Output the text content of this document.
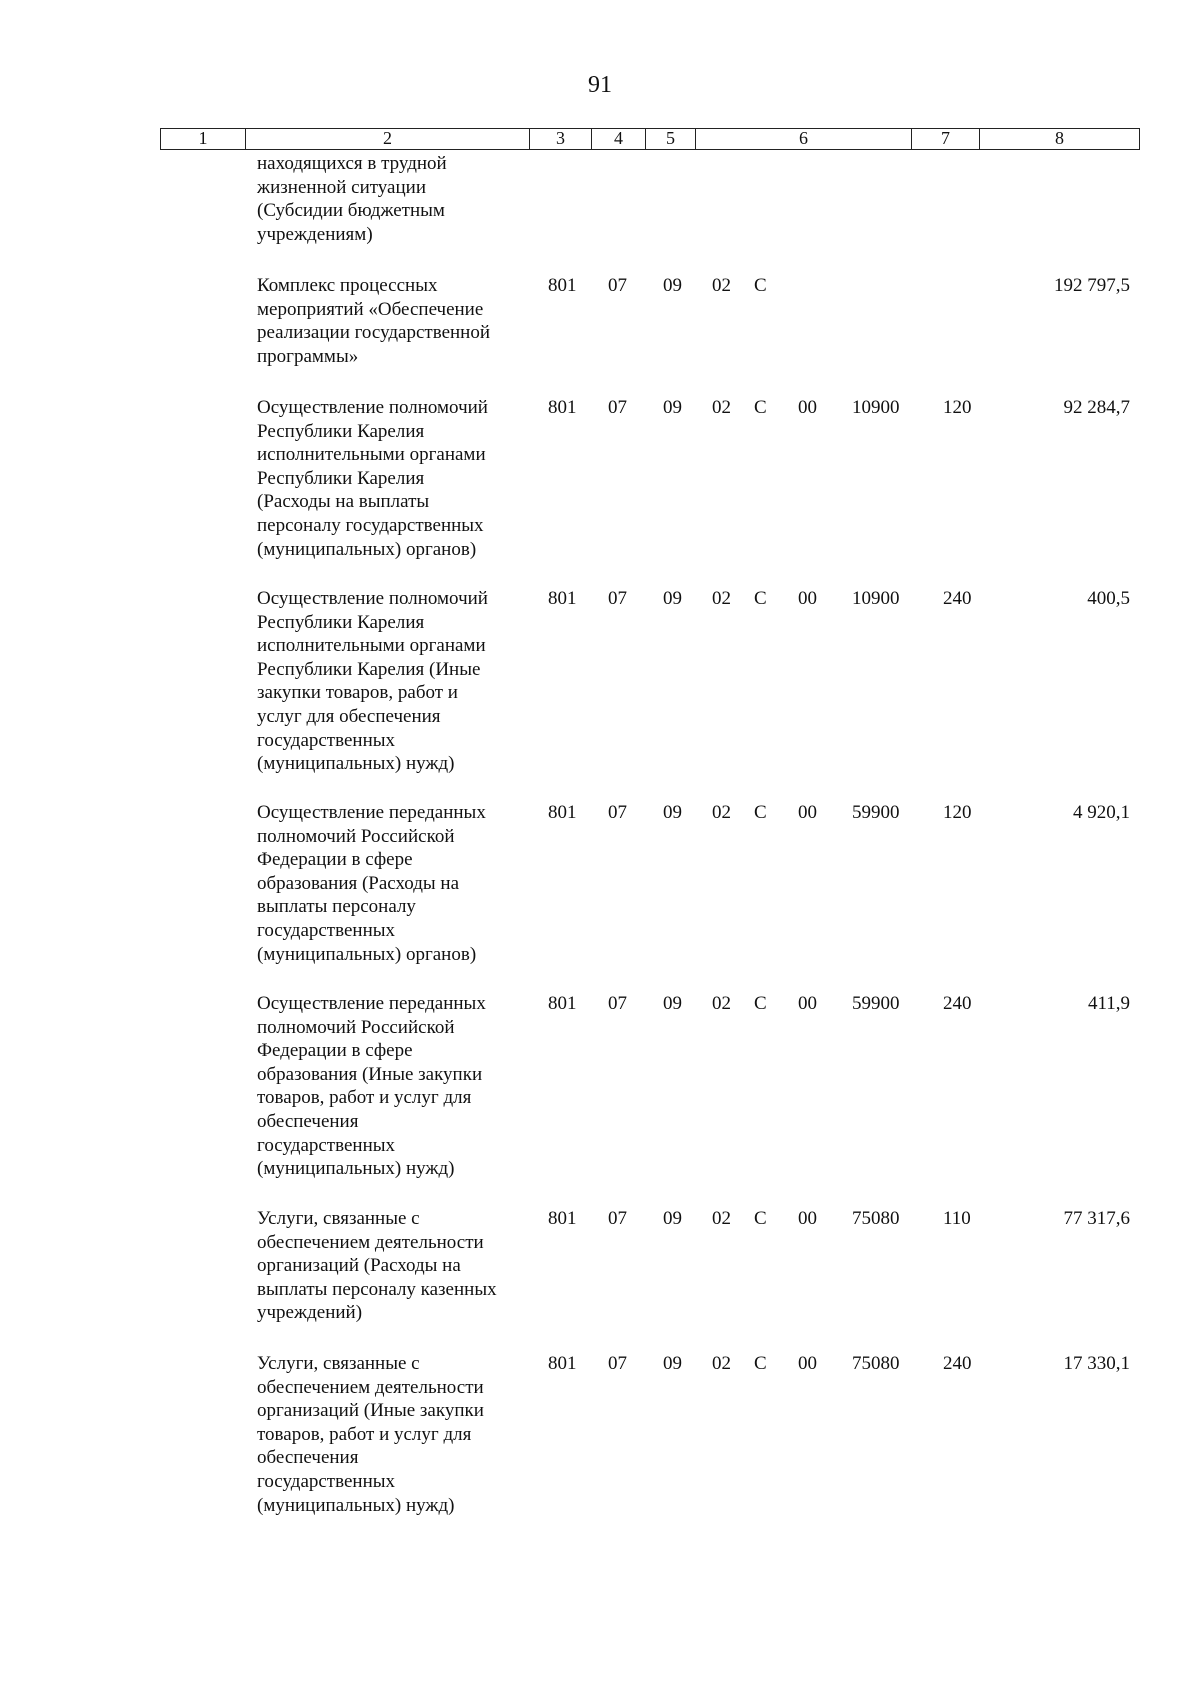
91
1	2	3	4	5	6	7	8
находящихся в трудной
жизненной ситуации
(Субсидии бюджетным
учреждениям)
Комплекс процессных
мероприятий «Обеспечение
реализации государственной
программы»
801 07 09 02 С	192 797,5
Осуществление полномочий
Республики Карелия
исполнительными органами
Республики Карелия
(Расходы на выплаты
персоналу государственных
(муниципальных) органов)
801 07 09 02 С 00 10900 120	92 284,7
Осуществление полномочий
Республики Карелия
исполнительными органами
Республики Карелия (Иные
закупки товаров, работ и
услуг для обеспечения
государственных
(муниципальных) нужд)
801 07 09 02 С 00 10900 240	400,5
Осуществление переданных
полномочий Российской
Федерации в сфере
образования (Расходы на
выплаты персоналу
государственных
(муниципальных) органов)
801 07 09 02 С 00 59900 120	4 920,1
Осуществление переданных
полномочий Российской
Федерации в сфере
образования (Иные закупки
товаров, работ и услуг для
обеспечения
государственных
(муниципальных) нужд)
801 07 09 02 С 00 59900 240	411,9
Услуги, связанные с
обеспечением деятельности
организаций (Расходы на
выплаты персоналу казенных
учреждений)
801 07 09 02 С 00 75080 110	77 317,6
Услуги, связанные с
обеспечением деятельности
организаций (Иные закупки
товаров, работ и услуг для
обеспечения
государственных
(муниципальных) нужд)
801 07 09 02 С 00 75080 240	17 330,1
